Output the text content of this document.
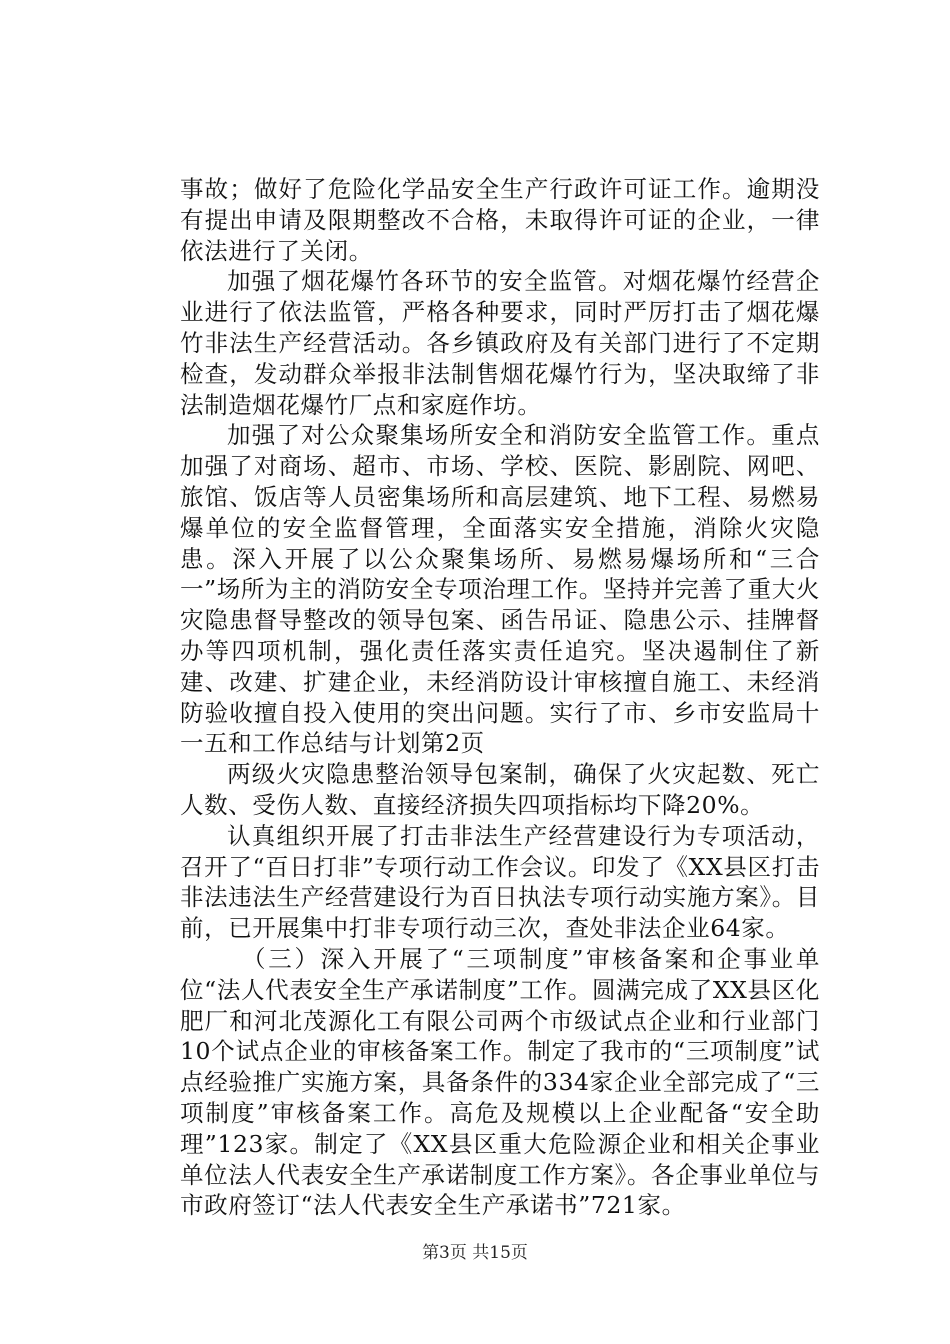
事故；做好了危险化学品安全生产行政许可证工作。逾期没有提出申请及限期整改不合格，未取得许可证的企业，一律依法进行了关闭。

加强了烟花爆竹各环节的安全监管。对烟花爆竹经营企业进行了依法监管，严格各种要求，同时严厉打击了烟花爆竹非法生产经营活动。各乡镇政府及有关部门进行了不定期检查，发动群众举报非法制售烟花爆竹行为，坚决取缔了非法制造烟花爆竹厂点和家庭作坊。

加强了对公众聚集场所安全和消防安全监管工作。重点加强了对商场、超市、市场、学校、医院、影剧院、网吧、旅馆、饭店等人员密集场所和高层建筑、地下工程、易燃易爆单位的安全监督管理，全面落实安全措施，消除火灾隐患。深入开展了以公众聚集场所、易燃易爆场所和“三合一”场所为主的消防安全专项治理工作。坚持并完善了重大火灾隐患督导整改的领导包案、函告吊证、隐患公示、挂牌督办等四项机制，强化责任落实责任追究。坚决遏制住了新建、改建、扩建企业，未经消防设计审核擅自施工、未经消防验收擅自投入使用的突出问题。实行了市、乡市安监局十一五和工作总结与计划第2页

两级火灾隐患整治领导包案制，确保了火灾起数、死亡人数、受伤人数、直接经济损失四项指标均下降20%。

认真组织开展了打击非法生产经营建设行为专项活动，召开了“百日打非”专项行动工作会议。印发了《XX县区打击非法违法生产经营建设行为百日执法专项行动实施方案》。目前，已开展集中打非专项行动三次，查处非法企业64家。

（三）深入开展了“三项制度”审核备案和企事业单位“法人代表安全生产承诺制度”工作。圆满完成了XX县区化肥厂和河北茂源化工有限公司两个市级试点企业和行业部门10个试点企业的审核备案工作。制定了我市的“三项制度”试点经验推广实施方案，具备条件的334家企业全部完成了“三项制度”审核备案工作。高危及规模以上企业配备“安全助理”123家。制定了《XX县区重大危险源企业和相关企事业单位法人代表安全生产承诺制度工作方案》。各企事业单位与市政府签订“法人代表安全生产承诺书”721家。

第3页 共15页
